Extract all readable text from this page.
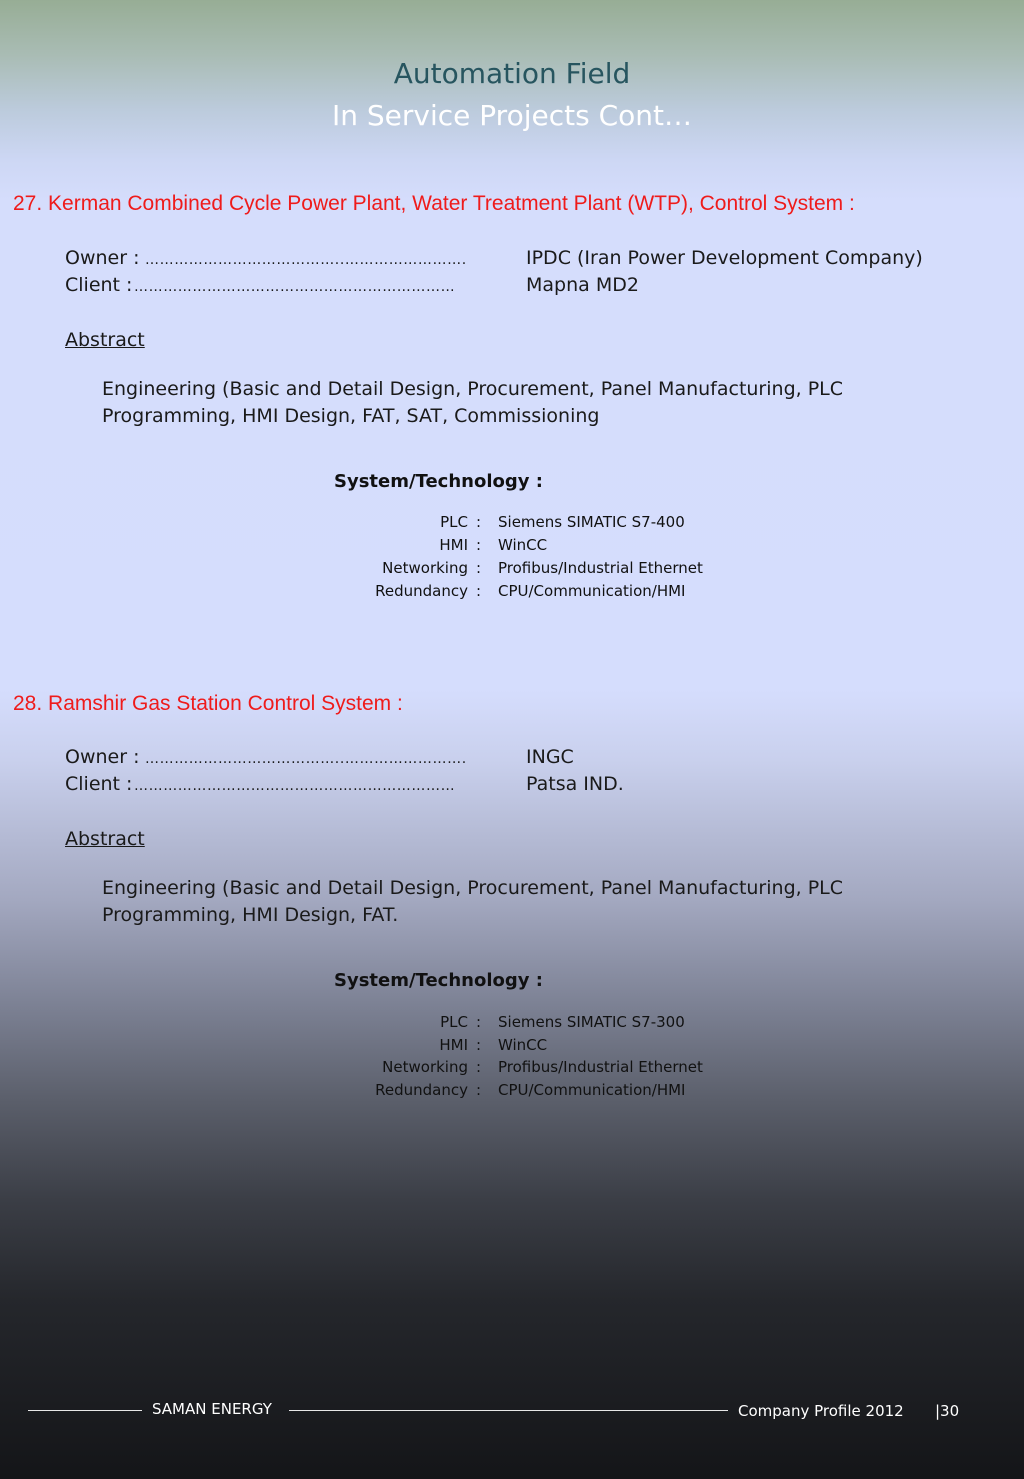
Automation Field
In Service Projects Cont…
27. Kerman Combined Cycle Power Plant, Water Treatment Plant (WTP), Control System :
Owner : …………………………………..…………………….	IPDC (Iran Power Development Company)
Client : …………………………………………………………	Mapna MD2
Abstract
Engineering (Basic and Detail Design, Procurement, Panel Manufacturing, PLC Programming, HMI Design, FAT, SAT, Commissioning
System/Technology :
PLC : Siemens SIMATIC S7-400
HMI : WinCC
Networking : Profibus/Industrial Ethernet
Redundancy : CPU/Communication/HMI
28. Ramshir Gas Station Control System :
Owner : …………………………………..…………………….	INGC
Client : …………………………………………………………	Patsa IND.
Abstract
Engineering (Basic and Detail Design, Procurement, Panel Manufacturing, PLC Programming, HMI Design, FAT.
System/Technology :
PLC : Siemens SIMATIC S7-300
HMI : WinCC
Networking : Profibus/Industrial Ethernet
Redundancy : CPU/Communication/HMI
SAMAN ENERGY	Company Profile 2012 |30
